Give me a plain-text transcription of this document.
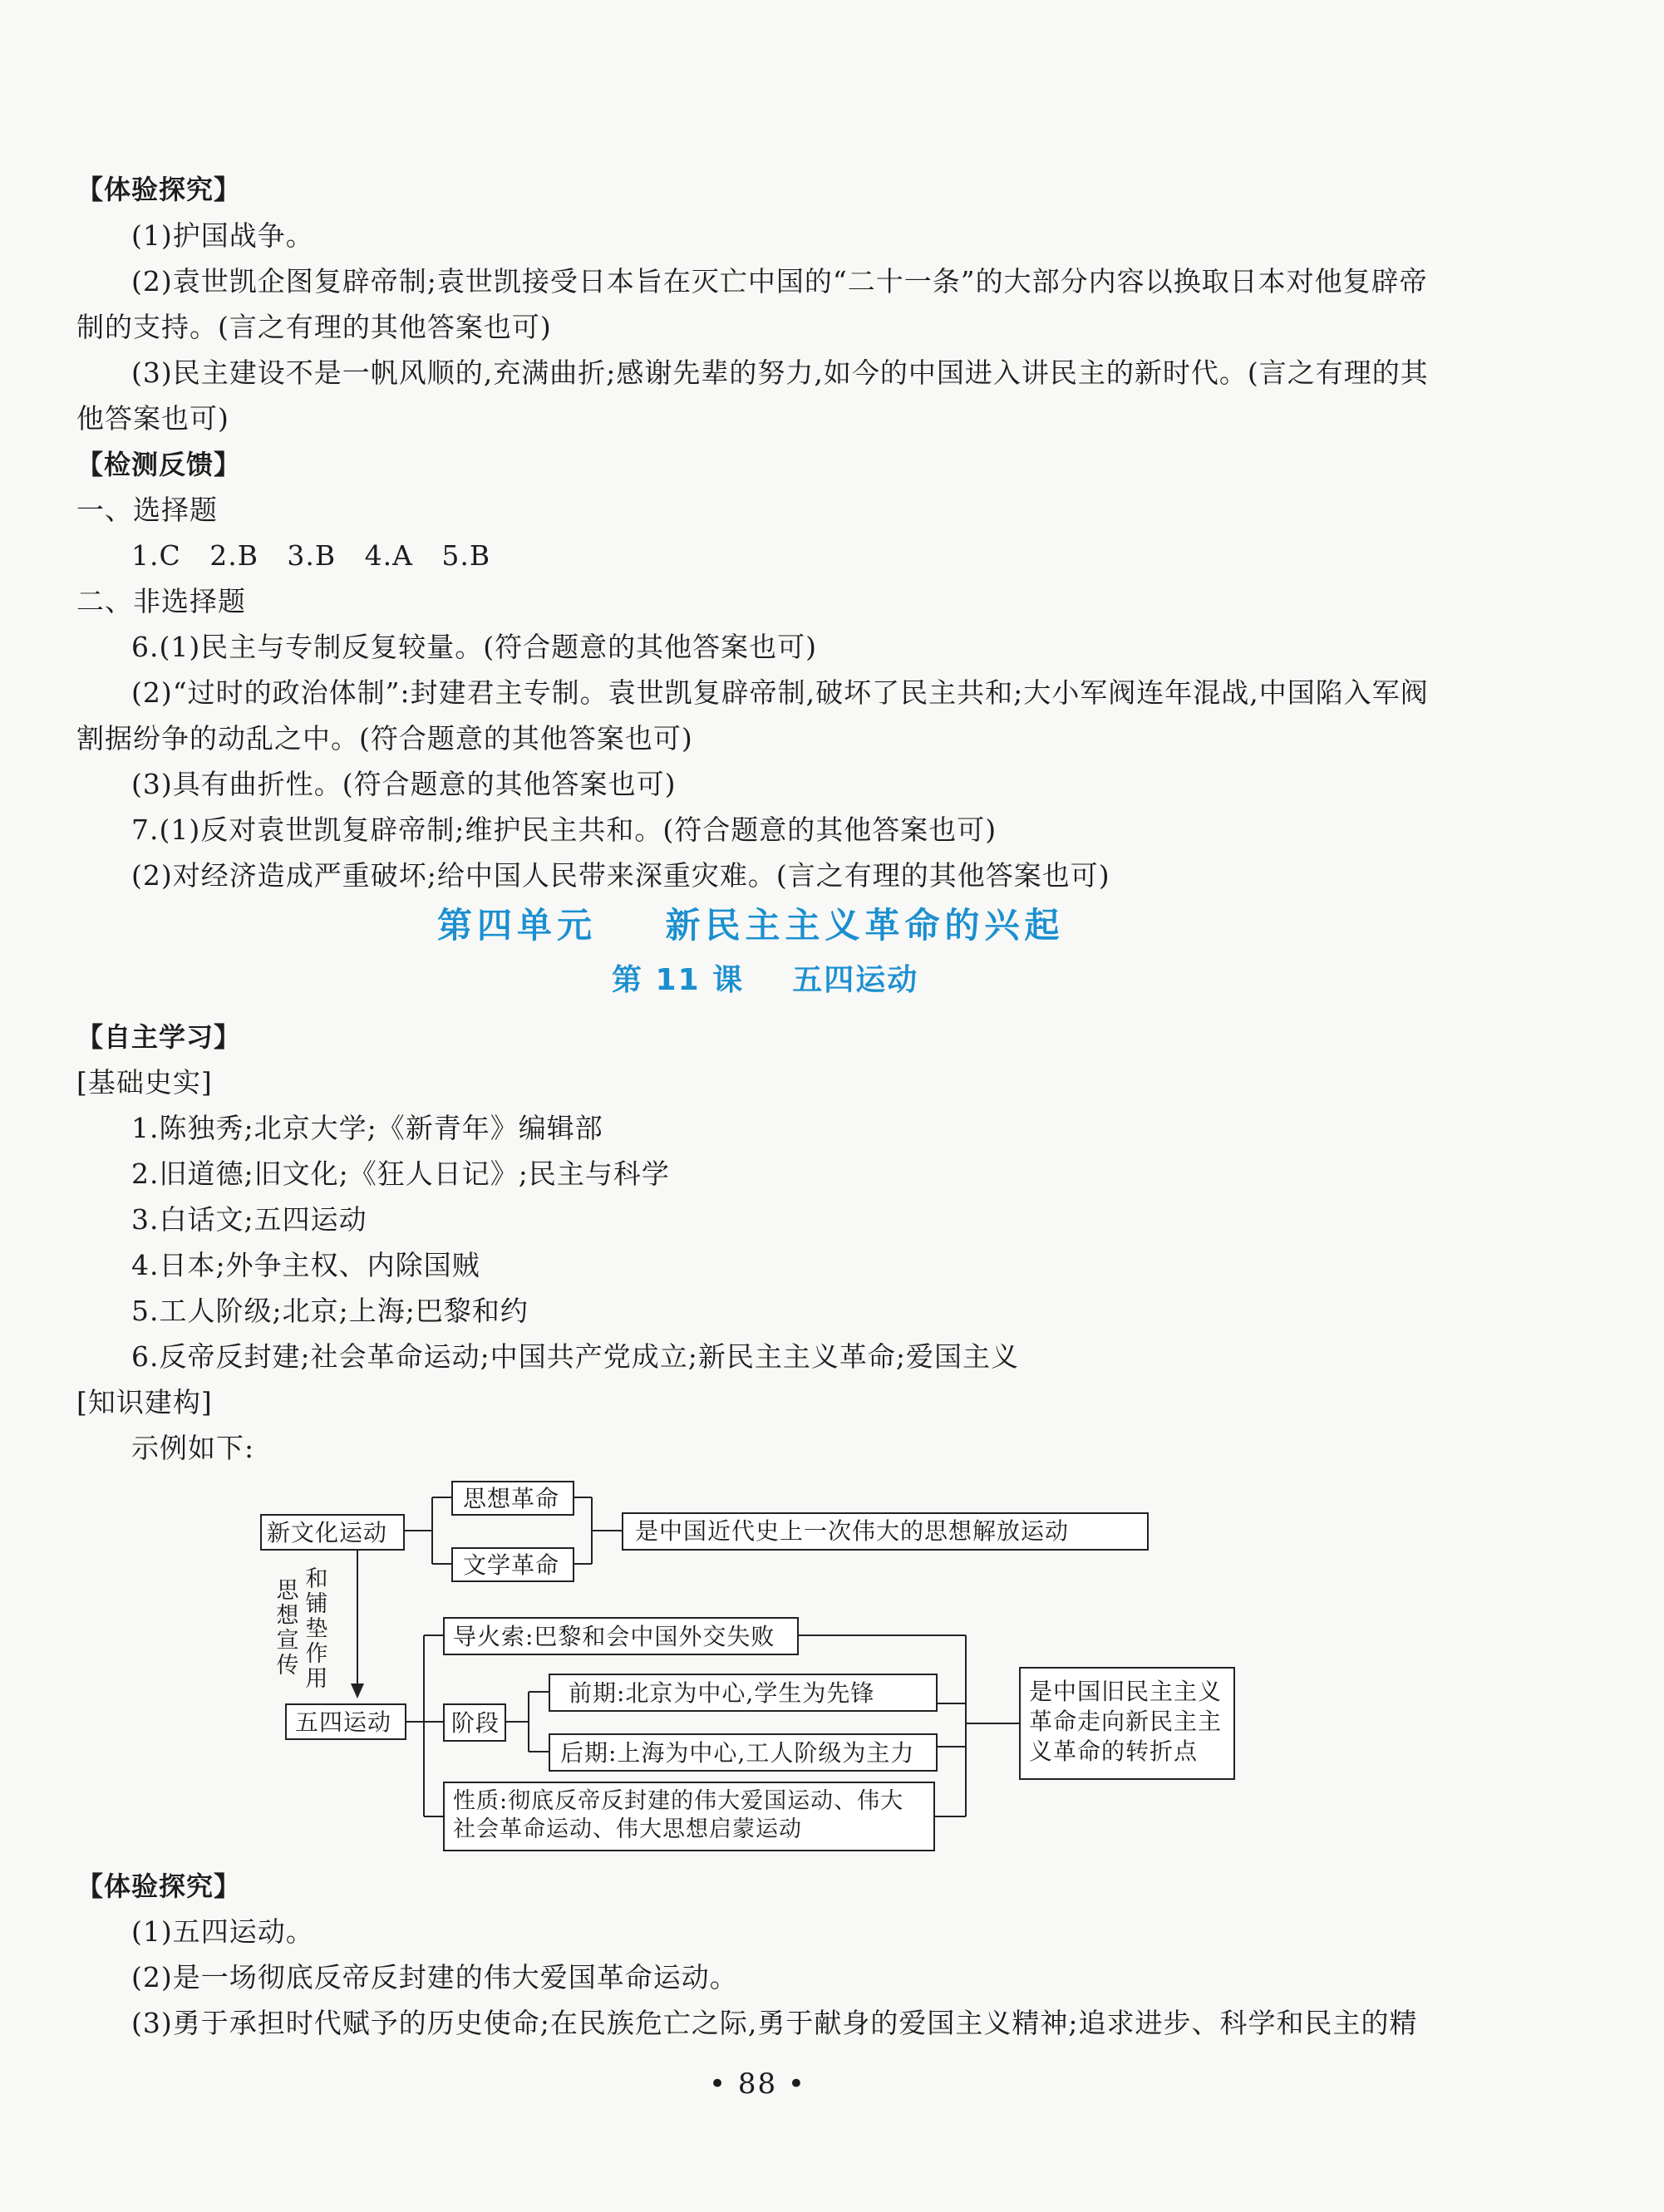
【体验探究】
(1)护国战争。
(2)袁世凯企图复辟帝制;袁世凯接受日本旨在灭亡中国的“二十一条”的大部分内容以换取日本对他复辟帝
制的支持。(言之有理的其他答案也可)
(3)民主建设不是一帆风顺的,充满曲折;感谢先辈的努力,如今的中国进入讲民主的新时代。(言之有理的其
他答案也可)
【检测反馈】
一、选择题
1.C   2.B   3.B   4.A   5.B
二、非选择题
6.(1)民主与专制反复较量。(符合题意的其他答案也可)
(2)“过时的政治体制”:封建君主专制。袁世凯复辟帝制,破坏了民主共和;大小军阀连年混战,中国陷入军阀
割据纷争的动乱之中。(符合题意的其他答案也可)
(3)具有曲折性。(符合题意的其他答案也可)
7.(1)反对袁世凯复辟帝制;维护民主共和。(符合题意的其他答案也可)
(2)对经济造成严重破坏;给中国人民带来深重灾难。(言之有理的其他答案也可)
第四单元    新民主主义革命的兴起
第 11 课    五四运动
【自主学习】
[基础史实]
1.陈独秀;北京大学;《新青年》编辑部
2.旧道德;旧文化;《狂人日记》;民主与科学
3.白话文;五四运动
4.日本;外争主权、内除国贼
5.工人阶级;北京;上海;巴黎和约
6.反帝反封建;社会革命运动;中国共产党成立;新民主主义革命;爱国主义
[知识建构]
示例如下:
新文化运动
思想革命
文学革命
是中国近代史上一次伟大的思想解放运动
思想宣传
和铺垫作用
五四运动
导火索:巴黎和会中国外交失败
阶段
前期:北京为中心,学生为先锋
后期:上海为中心,工人阶级为主力
性质:彻底反帝反封建的伟大爱国运动、伟大
社会革命运动、伟大思想启蒙运动
是中国旧民主主义
革命走向新民主主
义革命的转折点
【体验探究】
(1)五四运动。
(2)是一场彻底反帝反封建的伟大爱国革命运动。
(3)勇于承担时代赋予的历史使命;在民族危亡之际,勇于献身的爱国主义精神;追求进步、科学和民主的精
• 88 •
